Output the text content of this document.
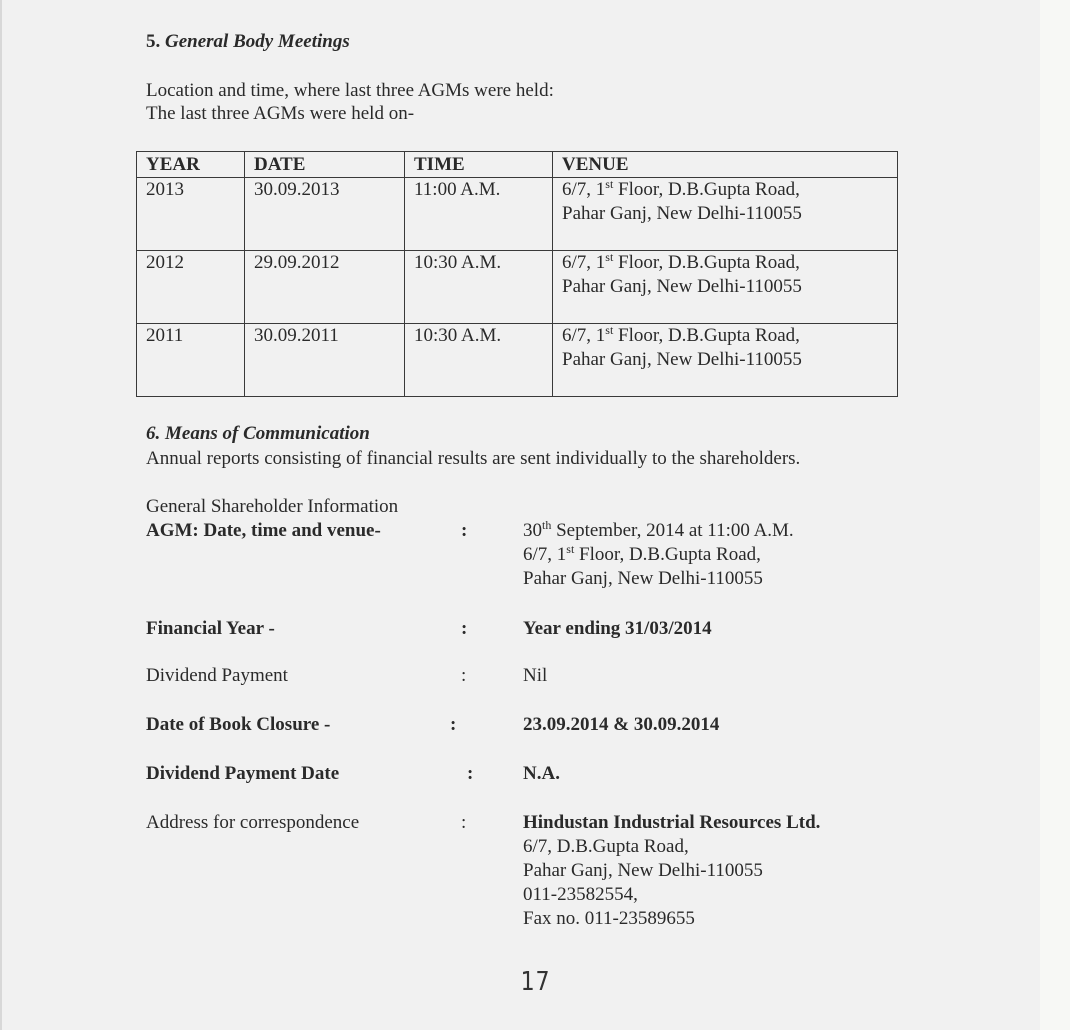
5. General Body Meetings
Location and time, where last three AGMs were held:
The last three AGMs were held on-
YEAR	DATE	TIME	VENUE
2013	30.09.2013	11:00 A.M.	6/7, 1st Floor, D.B.Gupta Road,
Pahar Ganj, New Delhi-110055

2012	29.09.2012	10:30 A.M.	6/7, 1st Floor, D.B.Gupta Road,
Pahar Ganj, New Delhi-110055

2011	30.09.2011	10:30 A.M.	6/7, 1st Floor, D.B.Gupta Road,
Pahar Ganj, New Delhi-110055
6. Means of Communication
Annual reports consisting of financial results are sent individually to the shareholders.
General Shareholder Information
AGM: Date, time and venue-	:	30th September, 2014 at 11:00 A.M.
6/7, 1st Floor, D.B.Gupta Road,
Pahar Ganj, New Delhi-110055
Financial Year -	:	Year ending 31/03/2014
Dividend Payment	:	Nil
Date of Book Closure -	:	23.09.2014 & 30.09.2014
Dividend Payment Date	:	N.A.
Address for correspondence	:	Hindustan Industrial Resources Ltd.
6/7, D.B.Gupta Road,
Pahar Ganj, New Delhi-110055
011-23582554,
Fax no. 011-23589655
17
